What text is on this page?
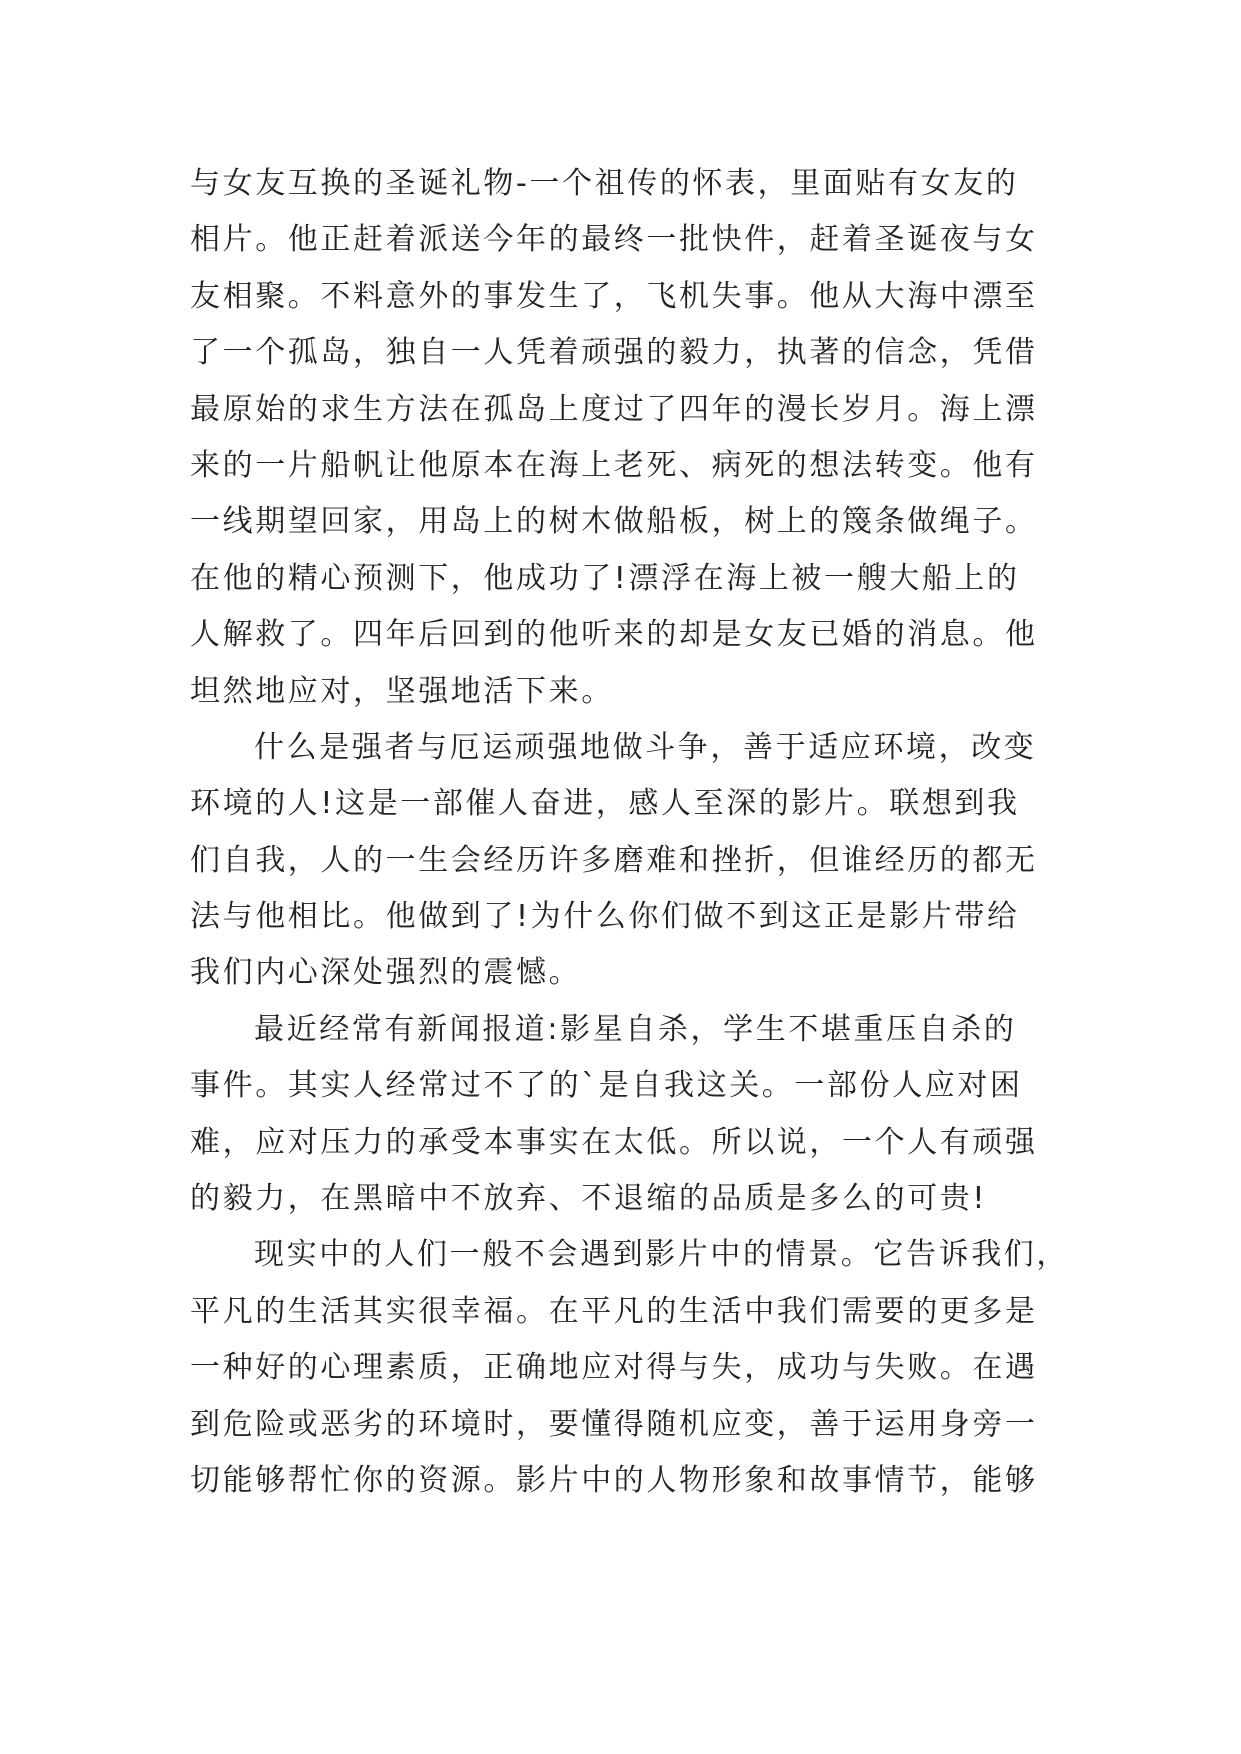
与女友互换的圣诞礼物-一个祖传的怀表，里面贴有女友的
相片。他正赶着派送今年的最终一批快件，赶着圣诞夜与女
友相聚。不料意外的事发生了，飞机失事。他从大海中漂至
了一个孤岛，独自一人凭着顽强的毅力，执著的信念，凭借
最原始的求生方法在孤岛上度过了四年的漫长岁月。海上漂
来的一片船帆让他原本在海上老死、病死的想法转变。他有
一线期望回家，用岛上的树木做船板，树上的篾条做绳子。
在他的精心预测下，他成功了!漂浮在海上被一艘大船上的
人解救了。四年后回到的他听来的却是女友已婚的消息。他
坦然地应对，坚强地活下来。
什么是强者与厄运顽强地做斗争，善于适应环境，改变
环境的人!这是一部催人奋进，感人至深的影片。联想到我
们自我，人的一生会经历许多磨难和挫折，但谁经历的都无
法与他相比。他做到了!为什么你们做不到这正是影片带给
我们内心深处强烈的震憾。
最近经常有新闻报道:影星自杀，学生不堪重压自杀的
事件。其实人经常过不了的`是自我这关。一部份人应对困
难，应对压力的承受本事实在太低。所以说，一个人有顽强
的毅力，在黑暗中不放弃、不退缩的品质是多么的可贵!
现实中的人们一般不会遇到影片中的情景。它告诉我们，
平凡的生活其实很幸福。在平凡的生活中我们需要的更多是
一种好的心理素质，正确地应对得与失，成功与失败。在遇
到危险或恶劣的环境时，要懂得随机应变，善于运用身旁一
切能够帮忙你的资源。影片中的人物形象和故事情节，能够
